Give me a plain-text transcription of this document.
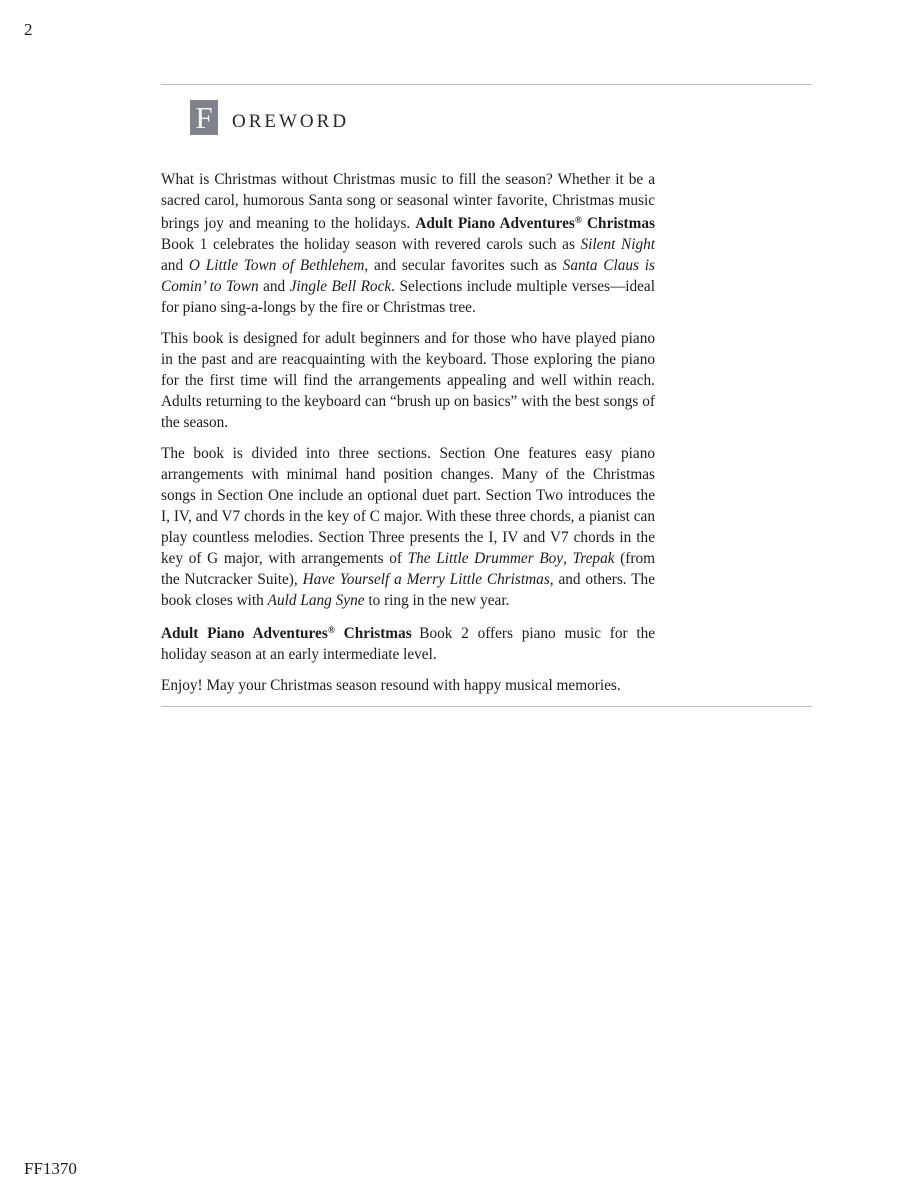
2
F OREWORD

What is Christmas without Christmas music to fill the season? Whether it be a sacred carol, humorous Santa song or seasonal winter favorite, Christmas music brings joy and meaning to the holidays. Adult Piano Adventures® Christmas Book 1 celebrates the holiday season with revered carols such as Silent Night and O Little Town of Bethlehem, and secular favorites such as Santa Claus is Comin’ to Town and Jingle Bell Rock. Selections include multiple verses—ideal for piano sing-a-longs by the fire or Christmas tree.

This book is designed for adult beginners and for those who have played piano in the past and are reacquainting with the keyboard. Those exploring the piano for the first time will find the arrangements appealing and well within reach. Adults returning to the keyboard can “brush up on basics” with the best songs of the season.

The book is divided into three sections. Section One features easy piano arrangements with minimal hand position changes. Many of the Christmas songs in Section One include an optional duet part. Section Two introduces the I, IV, and V7 chords in the key of C major. With these three chords, a pianist can play countless melodies. Section Three presents the I, IV and V7 chords in the key of G major, with arrangements of The Little Drummer Boy, Trepak (from the Nutcracker Suite), Have Yourself a Merry Little Christmas, and others. The book closes with Auld Lang Syne to ring in the new year.

Adult Piano Adventures® Christmas Book 2 offers piano music for the holiday season at an early intermediate level.

Enjoy! May your Christmas season resound with happy musical memories.

FF1370
